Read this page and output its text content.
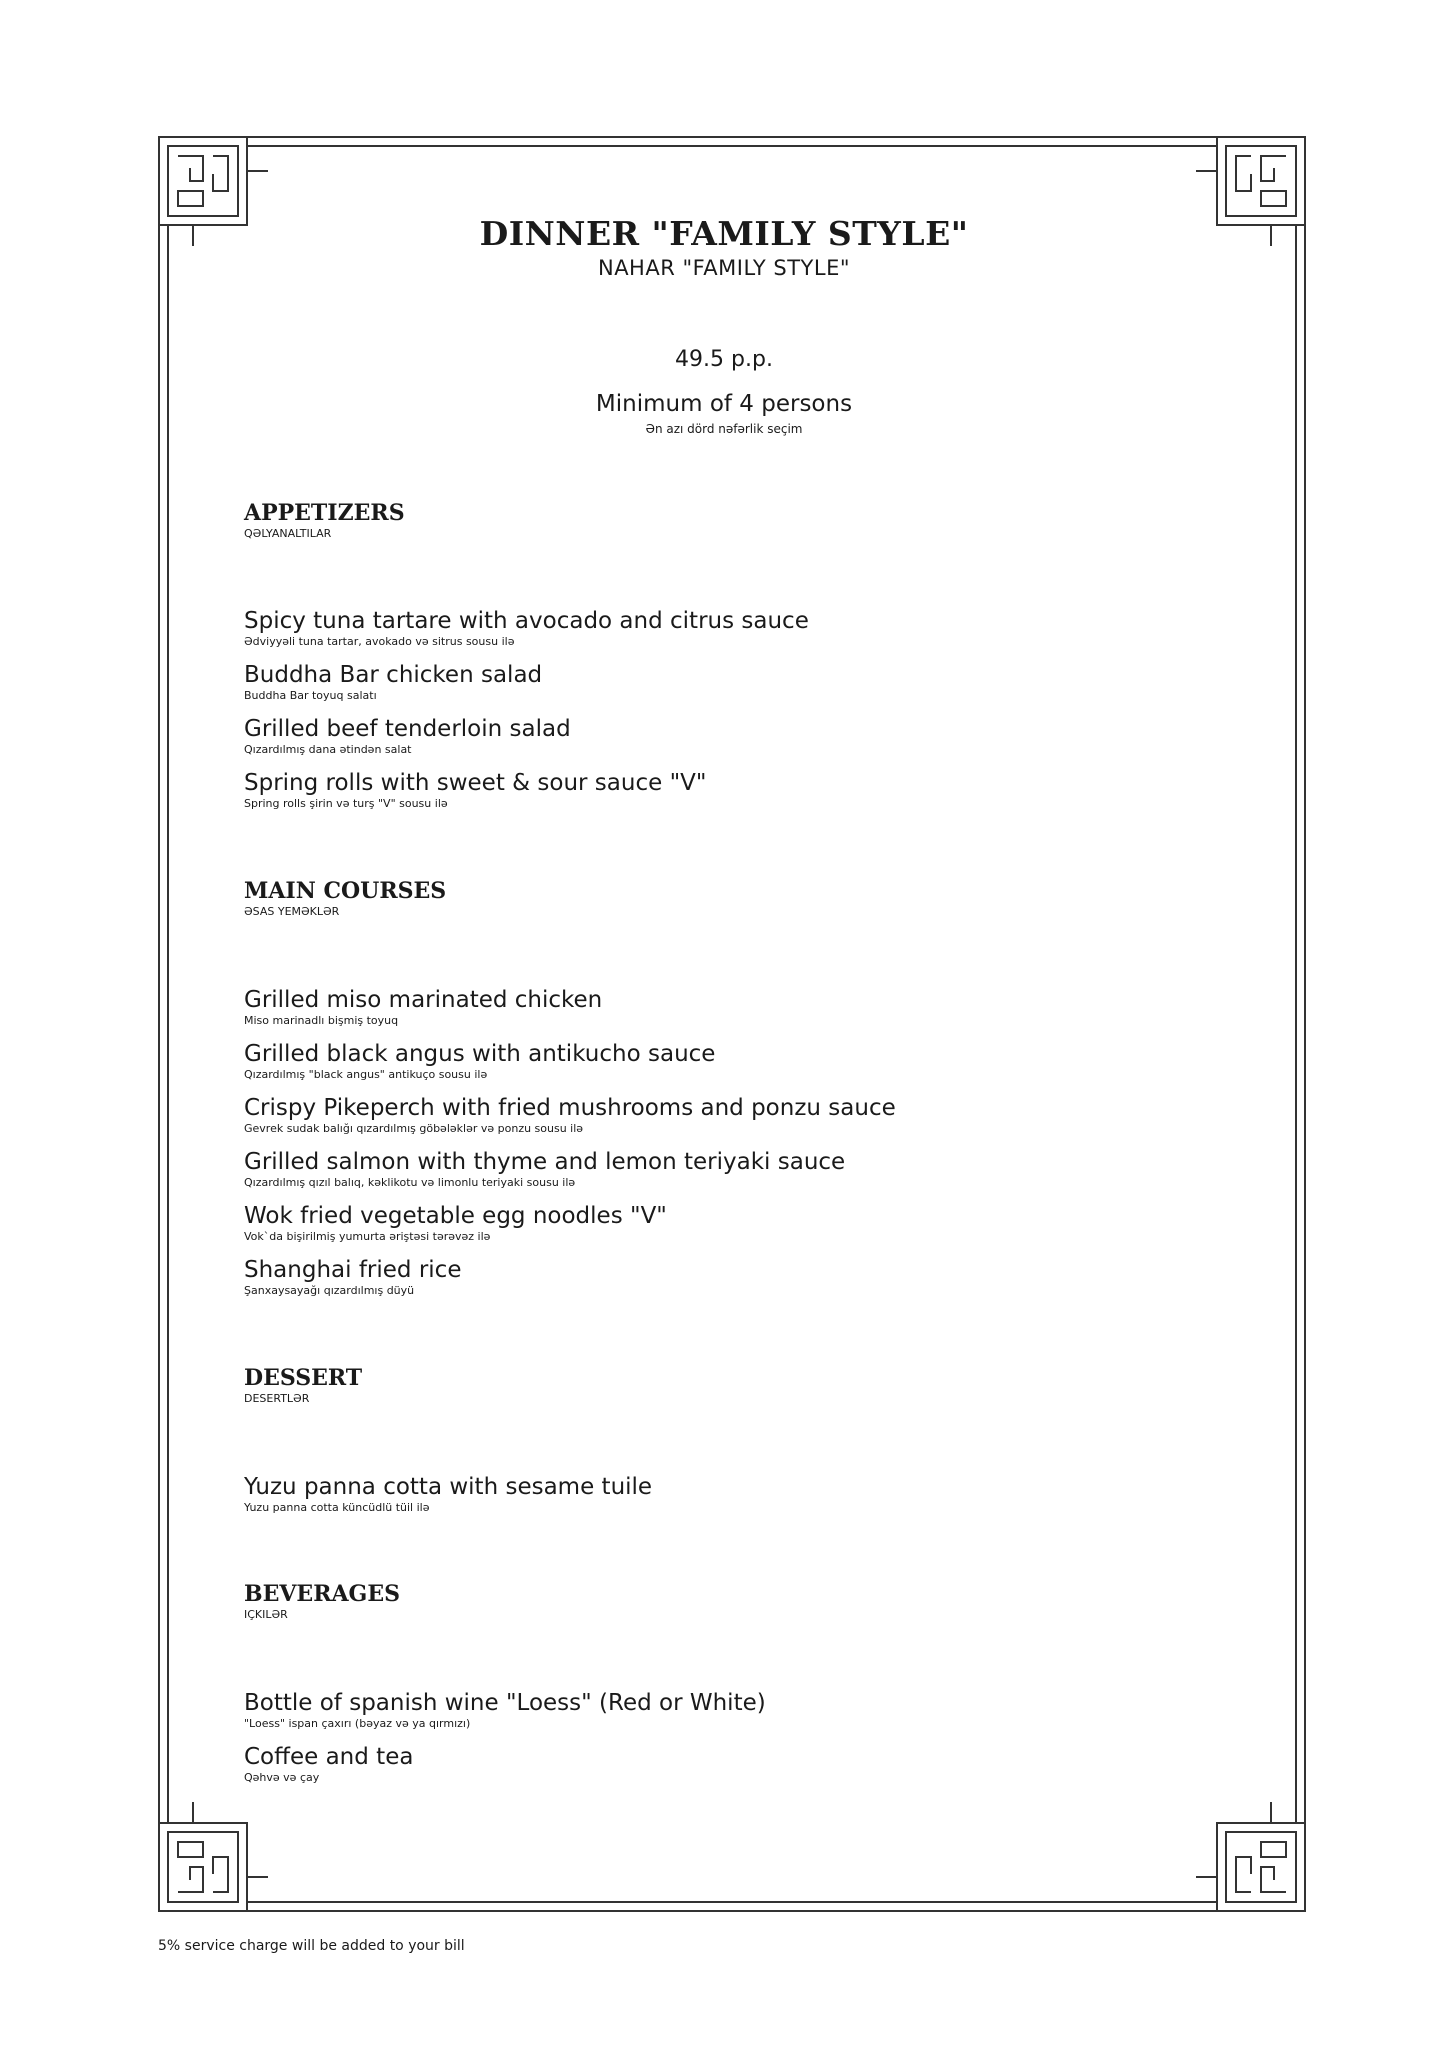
DINNER "FAMILY STYLE"
NAHAR "FAMILY STYLE"
49.5 p.p.
Minimum of 4 persons
Ən azı dörd nəfərlik seçim
APPETIZERS
QƏLYANALTILAR
Spicy tuna tartare with avocado and citrus sauce
Ədviyyəli tuna tartar, avokado və sitrus sousu ilə
Buddha Bar chicken salad
Buddha Bar toyuq salatı
Grilled beef tenderloin salad
Qızardılmış dana ətindən salat
Spring rolls with sweet & sour sauce "V"
Spring rolls şirin və turş "V" sousu ilə
MAIN COURSES
ƏSAS YEMƏKLƏR
Grilled miso marinated chicken
Miso marinadlı bişmiş toyuq
Grilled black angus with antikucho sauce
Qızardılmış "black angus" antikuço sousu ilə
Crispy Pikeperch with fried mushrooms and ponzu sauce
Gevrek sudak balığı qızardılmış göbələklər və ponzu sousu ilə
Grilled salmon with thyme and lemon teriyaki sauce
Qızardılmış qızıl balıq, kəklikotu və limonlu teriyaki sousu ilə
Wok fried vegetable egg noodles "V"
Vok`da bişirilmiş yumurta əriştəsi tərəvəz ilə
Shanghai fried rice
Şanxaysayağı qızardılmış düyü
DESSERT
DESERTLƏR
Yuzu panna cotta with sesame tuile
Yuzu panna cotta küncüdlü tüil ilə
BEVERAGES
IÇKILƏR
Bottle of spanish wine "Loess" (Red or White)
"Loess" ispan çaxırı (bəyaz və ya qırmızı)
Coffee and tea
Qəhvə və çay
5% service charge will be added to your bill
